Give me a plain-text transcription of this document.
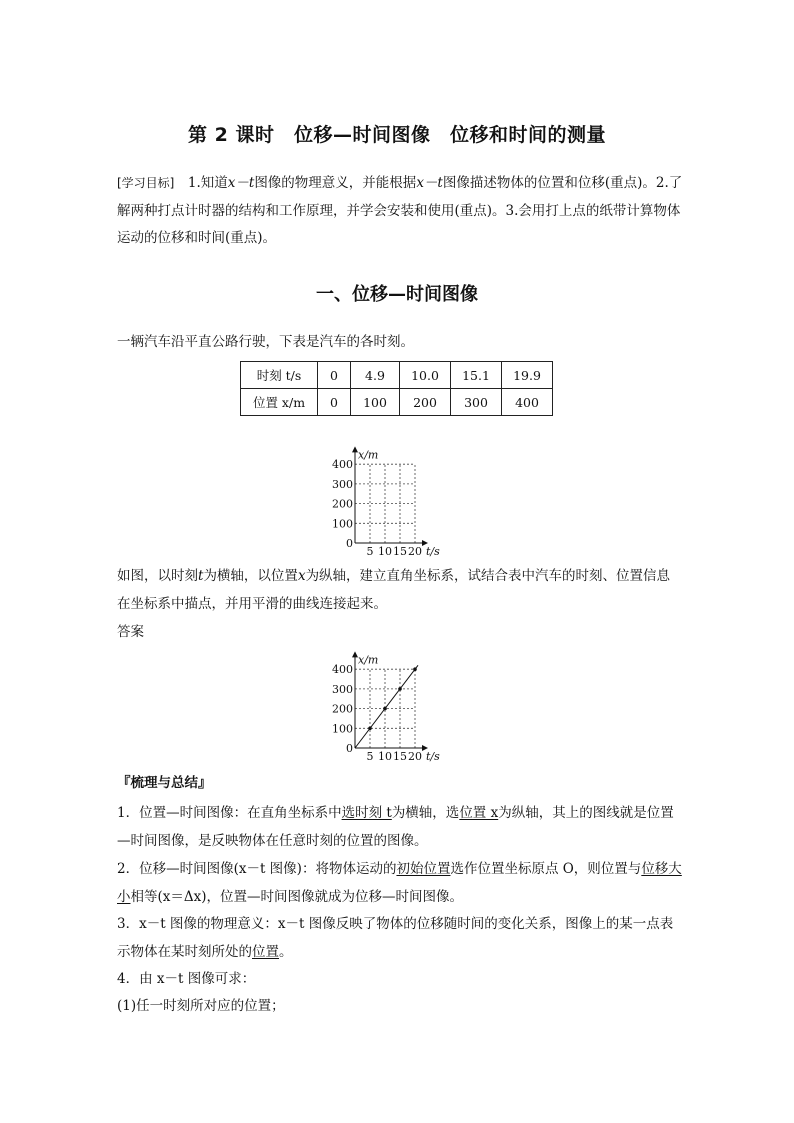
第 2 课时　位移—时间图像　位移和时间的测量
[学习目标]　1.知道x－t图像的物理意义，并能根据x－t图像描述物体的位置和位移(重点)。2.了解两种打点计时器的结构和工作原理，并学会安装和使用(重点)。3.会用打上点的纸带计算物体运动的位移和时间(重点)。
一、位移—时间图像
一辆汽车沿平直公路行驶，下表是汽车的各时刻。
时刻 t/s	0	4.9	10.0	15.1	19.9
位置 x/m	0	100	200	300	400
5 10 15 20
100
200
300
400
0
t/s
x/m
如图，以时刻t为横轴，以位置x为纵轴，建立直角坐标系，试结合表中汽车的时刻、位置信息在坐标系中描点，并用平滑的曲线连接起来。
答案
5 10 15 20
100
200
300
400
0
t/s
x/m
『梳理与总结』
1．位置—时间图像：在直角坐标系中选时刻 t为横轴，选位置 x为纵轴，其上的图线就是位置—时间图像，是反映物体在任意时刻的位置的图像。
2．位移—时间图像(x－t 图像)：将物体运动的初始位置选作位置坐标原点 O，则位置与位移大小相等(x＝Δx)，位置—时间图像就成为位移—时间图像。
3．x－t 图像的物理意义：x－t 图像反映了物体的位移随时间的变化关系，图像上的某一点表示物体在某时刻所处的位置。
4．由 x－t 图像可求：
(1)任一时刻所对应的位置；
